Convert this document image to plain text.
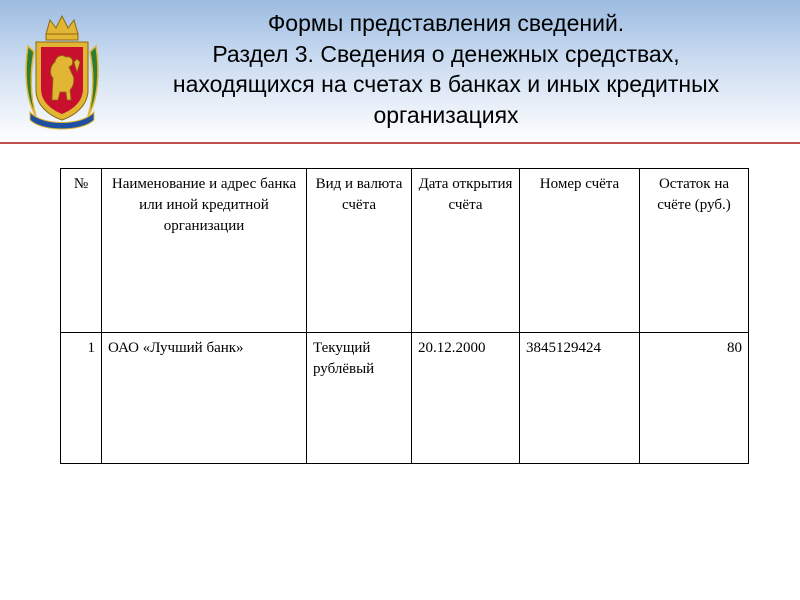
Формы представления сведений.
Раздел 3. Сведения о денежных средствах,
находящихся на счетах в банках и иных кредитных
организациях
№	Наименование и адрес банка или иной кредитной организации	Вид и валюта счёта	Дата открытия счёта	Номер счёта	Остаток на счёте (руб.)
1	ОАО «Лучший банк»	Текущий рублёвый	20.12.2000	3845129424	80
